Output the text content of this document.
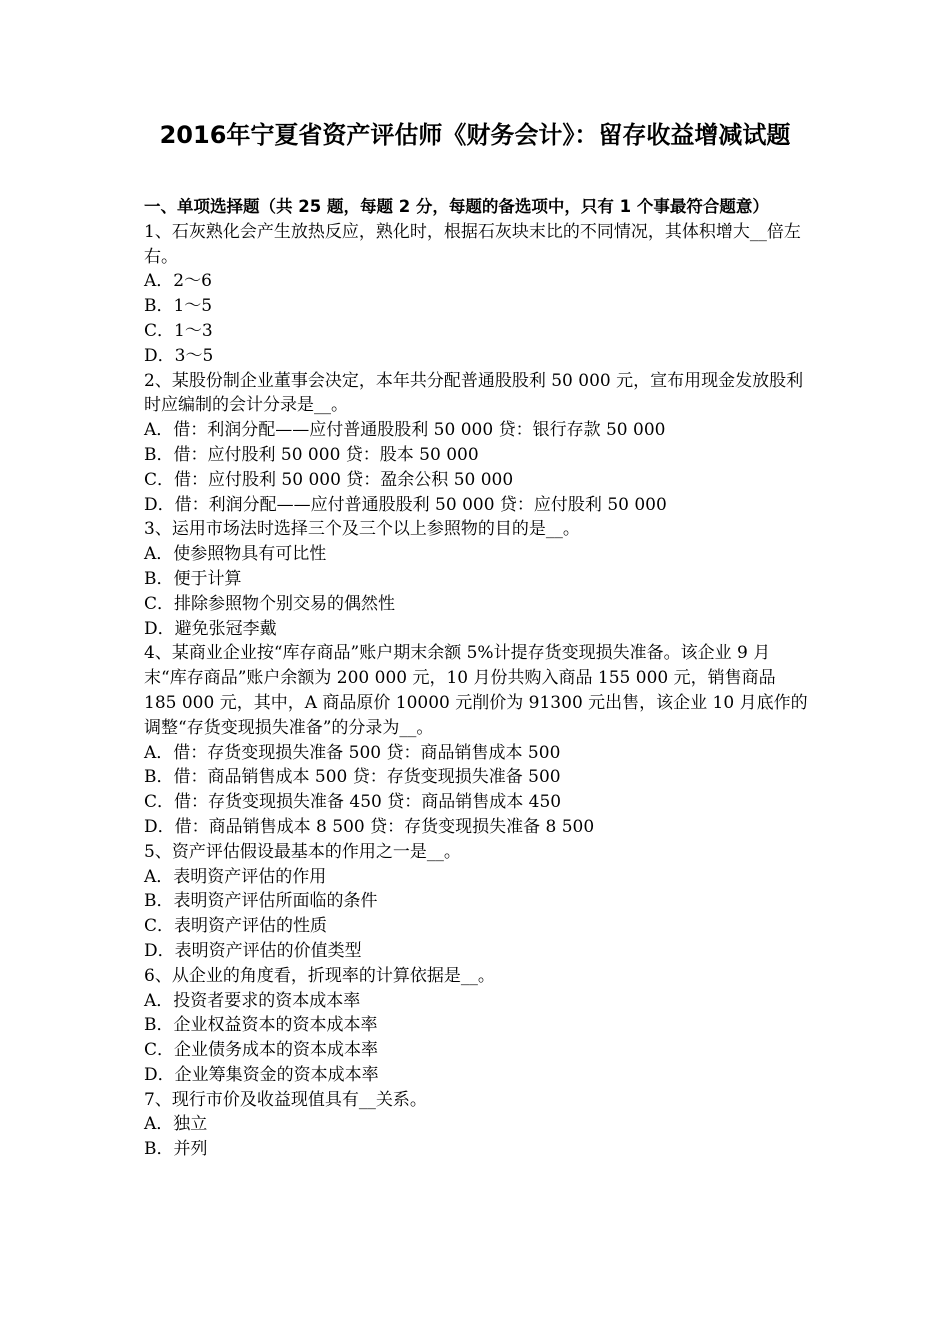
2016年宁夏省资产评估师《财务会计》：留存收益增减试题
一、单项选择题（共 25 题，每题 2 分，每题的备选项中，只有 1 个事最符合题意）
1、石灰熟化会产生放热反应，熟化时，根据石灰块末比的不同情况，其体积增大__倍左右。
A．2～6
B．1～5
C．1～3
D．3～5
2、某股份制企业董事会决定，本年共分配普通股股利 50 000 元，宣布用现金发放股利时应编制的会计分录是__。
A．借：利润分配——应付普通股股利 50 000 贷：银行存款 50 000
B．借：应付股利 50 000 贷：股本 50 000
C．借：应付股利 50 000 贷：盈余公积 50 000
D．借：利润分配——应付普通股股利 50 000 贷：应付股利 50 000
3、运用市场法时选择三个及三个以上参照物的目的是__。
A．使参照物具有可比性
B．便于计算
C．排除参照物个别交易的偶然性
D．避免张冠李戴
4、某商业企业按“库存商品”账户期末余额 5%计提存货变现损失准备。该企业 9 月末“库存商品”账户余额为 200 000 元，10 月份共购入商品 155 000 元，销售商品 185 000 元，其中，A 商品原价 10000 元削价为 91300 元出售，该企业 10 月底作的调整“存货变现损失准备”的分录为__。
A．借：存货变现损失准备 500 贷：商品销售成本 500
B．借：商品销售成本 500 贷：存货变现损失准备 500
C．借：存货变现损失准备 450 贷：商品销售成本 450
D．借：商品销售成本 8 500 贷：存货变现损失准备 8 500
5、资产评估假设最基本的作用之一是__。
A．表明资产评估的作用
B．表明资产评估所面临的条件
C．表明资产评估的性质
D．表明资产评估的价值类型
6、从企业的角度看，折现率的计算依据是__。
A．投资者要求的资本成本率
B．企业权益资本的资本成本率
C．企业债务成本的资本成本率
D．企业筹集资金的资本成本率
7、现行市价及收益现值具有__关系。
A．独立
B．并列
